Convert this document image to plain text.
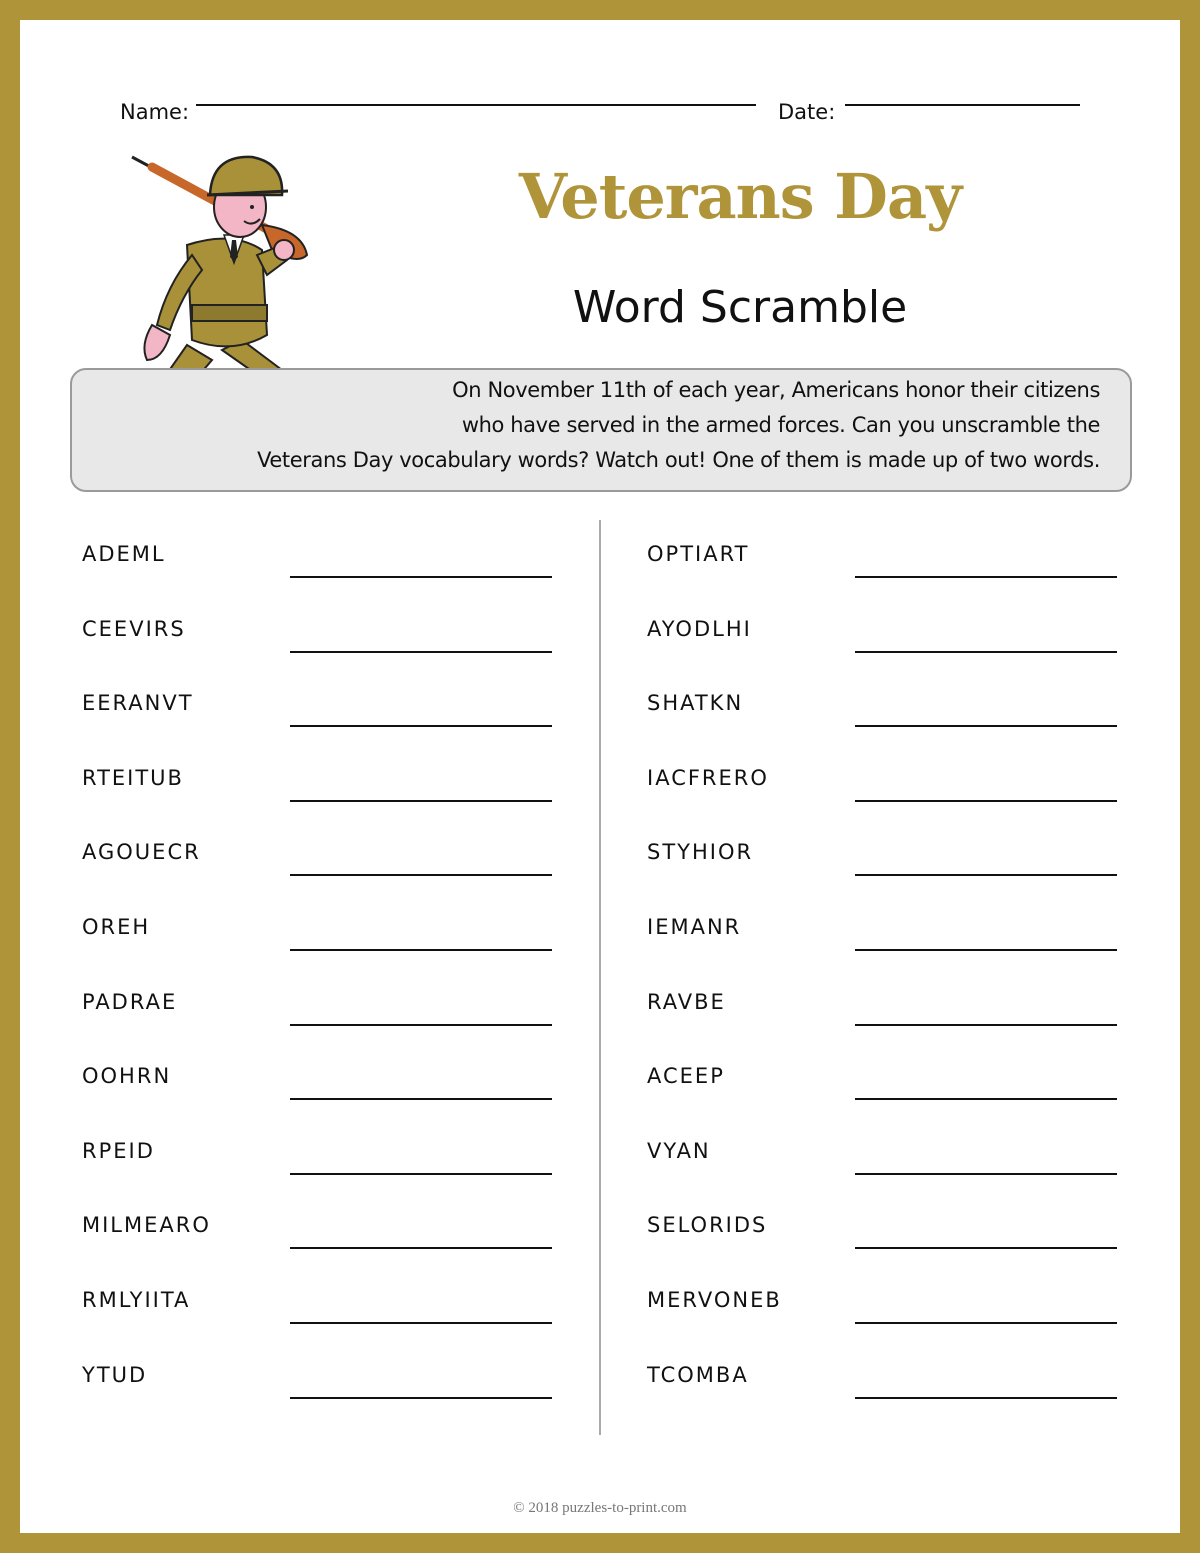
Name:	Date:
Veterans Day
Word Scramble
On November 11th of each year, Americans honor their citizens
who have served in the armed forces. Can you unscramble the
Veterans Day vocabulary words? Watch out! One of them is made up of two words.
ADEML
CEEVIRS
EERANVT
RTEITUB
AGOUECR
OREH
PADRAE
OOHRN
RPEID
MILMEARO
RMLYIITA
YTUD
OPTIART
AYODLHI
SHATKN
IACFRERO
STYHIOR
IEMANR
RAVBE
ACEEP
VYAN
SELORIDS
MERVONEB
TCOMBA
© 2018 puzzles-to-print.com
